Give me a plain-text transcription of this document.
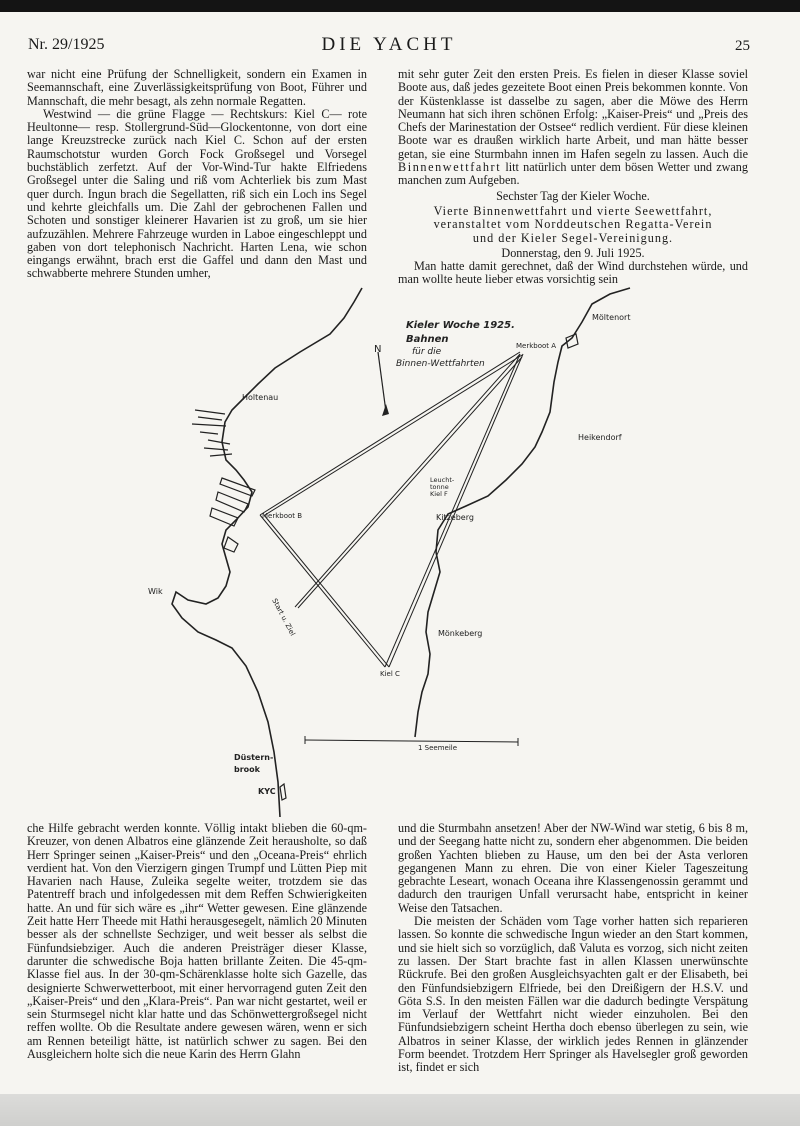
Nr. 29/1925	DIE YACHT	25

war nicht eine Prüfung der Schnelligkeit, sondern ein Examen in Seemannschaft, eine Zuverlässigkeitsprüfung von Boot, Führer und Mannschaft, die mehr besagt, als zehn normale Regatten.

Westwind — die grüne Flagge — Rechtskurs: Kiel C— rote Heultonne— resp. Stollergrund-Süd—Glockentonne, von dort eine lange Kreuzstrecke zurück nach Kiel C. Schon auf der ersten Raumschotstur wurden Gorch Fock Großsegel und Vorsegel buchstäblich zerfetzt. Auf der Vor-Wind-Tur hakte Elfriedens Großsegel unter die Saling und riß vom Achterliek bis zum Mast quer durch. Ingun brach die Segellatten, riß sich ein Loch ins Segel und kehrte gleichfalls um. Die Zahl der gebrochenen Fallen und Schoten und sonstiger kleinerer Havarien ist zu groß, um sie hier aufzuzählen. Mehrere Fahrzeuge wurden in Laboe eingeschleppt und gaben von dort telephonisch Nachricht. Harten Lena, wie schon eingangs erwähnt, brach erst die Gaffel und dann den Mast und schwabberte mehrere Stunden umher,

mit sehr guter Zeit den ersten Preis. Es fielen in dieser Klasse soviel Boote aus, daß jedes gezeitete Boot einen Preis bekommen konnte. Von der Küstenklasse ist dasselbe zu sagen, aber die Möwe des Herrn Neumann hat sich ihren schönen Erfolg: „Kaiser-Preis“ und „Preis des Chefs der Marinestation der Ostsee“ redlich verdient. Für diese kleinen Boote war es draußen wirklich harte Arbeit, und man hätte besser getan, sie eine Sturmbahn innen im Hafen segeln zu lassen. Auch die Binnenwettfahrt litt natürlich unter dem bösen Wetter und zwang manchen zum Aufgeben.

Sechster Tag der Kieler Woche.

Vierte Binnenwettfahrt und vierte Seewettfahrt,

veranstaltet vom Norddeutschen Regatta-Verein

und der Kieler Segel-Vereinigung.

Donnerstag, den 9. Juli 1925.

Man hatte damit gerechnet, daß der Wind durchstehen würde, und man wollte heute lieber etwas vorsichtig sein

Kieler Woche 1925.
Bahnen
für die
Binnen-Wettfahrten
N
Holtenau
Möltenort
Heikendorf
Merkboot A
Merkboot B
Leucht-
tonne
Kiel F
Kitzeberg
Wik
Start u. Ziel	Mönkeberg
Kiel C
1 Seemeile
Düstern-
brook
KYC

che Hilfe gebracht werden konnte. Völlig intakt blieben die 60-qm-Kreuzer, von denen Albatros eine glänzende Zeit herausholte, so daß Herr Springer seinen „Kaiser-Preis“ und den „Oceana-Preis“ ehrlich verdient hat. Von den Vierzigern gingen Trumpf und Lütten Piep mit Havarien nach Hause, Zuleika segelte weiter, trotzdem sie das Patentreff brach und infolgedessen mit dem Reffen Schwierigkeiten hatte. An und für sich wäre es „ihr“ Wetter gewesen. Eine glänzende Zeit hatte Herr Theede mit Hathi herausgesegelt, nämlich 20 Minuten besser als der schnellste Sechziger, und weit besser als selbst die Fünfundsiebziger. Auch die anderen Preisträger dieser Klasse, darunter die schwedische Boja hatten brillante Zeiten. Die 45-qm-Klasse fiel aus. In der 30-qm-Schärenklasse holte sich Gazelle, das designierte Schwerwetterboot, mit einer hervorragend guten Zeit den „Kaiser-Preis“ und den „Klara-Preis“. Pan war nicht gestartet, weil er sein Sturmsegel nicht klar hatte und das Schönwettergroßsegel nicht reffen wollte. Ob die Resultate andere gewesen wären, wenn er sich am Rennen beteiligt hätte, ist natürlich schwer zu sagen. Bei den Ausgleichern holte sich die neue Karin des Herrn Glahn

und die Sturmbahn ansetzen! Aber der NW-Wind war stetig, 6 bis 8 m, und der Seegang hatte nicht zu, sondern eher abgenommen. Die beiden großen Yachten blieben zu Hause, um den bei der Asta verloren gegangenen Mann zu ehren. Die von einer Kieler Tageszeitung gebrachte Leseart, wonach Oceana ihre Klassengenossin gerammt und dadurch den traurigen Unfall verursacht habe, entspricht in keiner Weise den Tatsachen.

Die meisten der Schäden vom Tage vorher hatten sich reparieren lassen. So konnte die schwedische Ingun wieder an den Start kommen, und sie hielt sich so vorzüglich, daß Valuta es vorzog, sich nicht zeiten zu lassen. Der Start brachte fast in allen Klassen unerwünschte Rückrufe. Bei den großen Ausgleichsyachten galt er der Elisabeth, bei den Fünfundsiebzigern Elfriede, bei den Dreißigern der H.S.V. und Göta S.S. In den meisten Fällen war die dadurch bedingte Verspätung im Verlauf der Wettfahrt nicht wieder einzuholen. Bei den Fünfundsiebzigern scheint Hertha doch ebenso überlegen zu sein, wie Albatros in seiner Klasse, der wirklich jedes Rennen in glänzender Form beendet. Trotzdem Herr Springer als Havelsegler groß geworden ist, findet er sich
